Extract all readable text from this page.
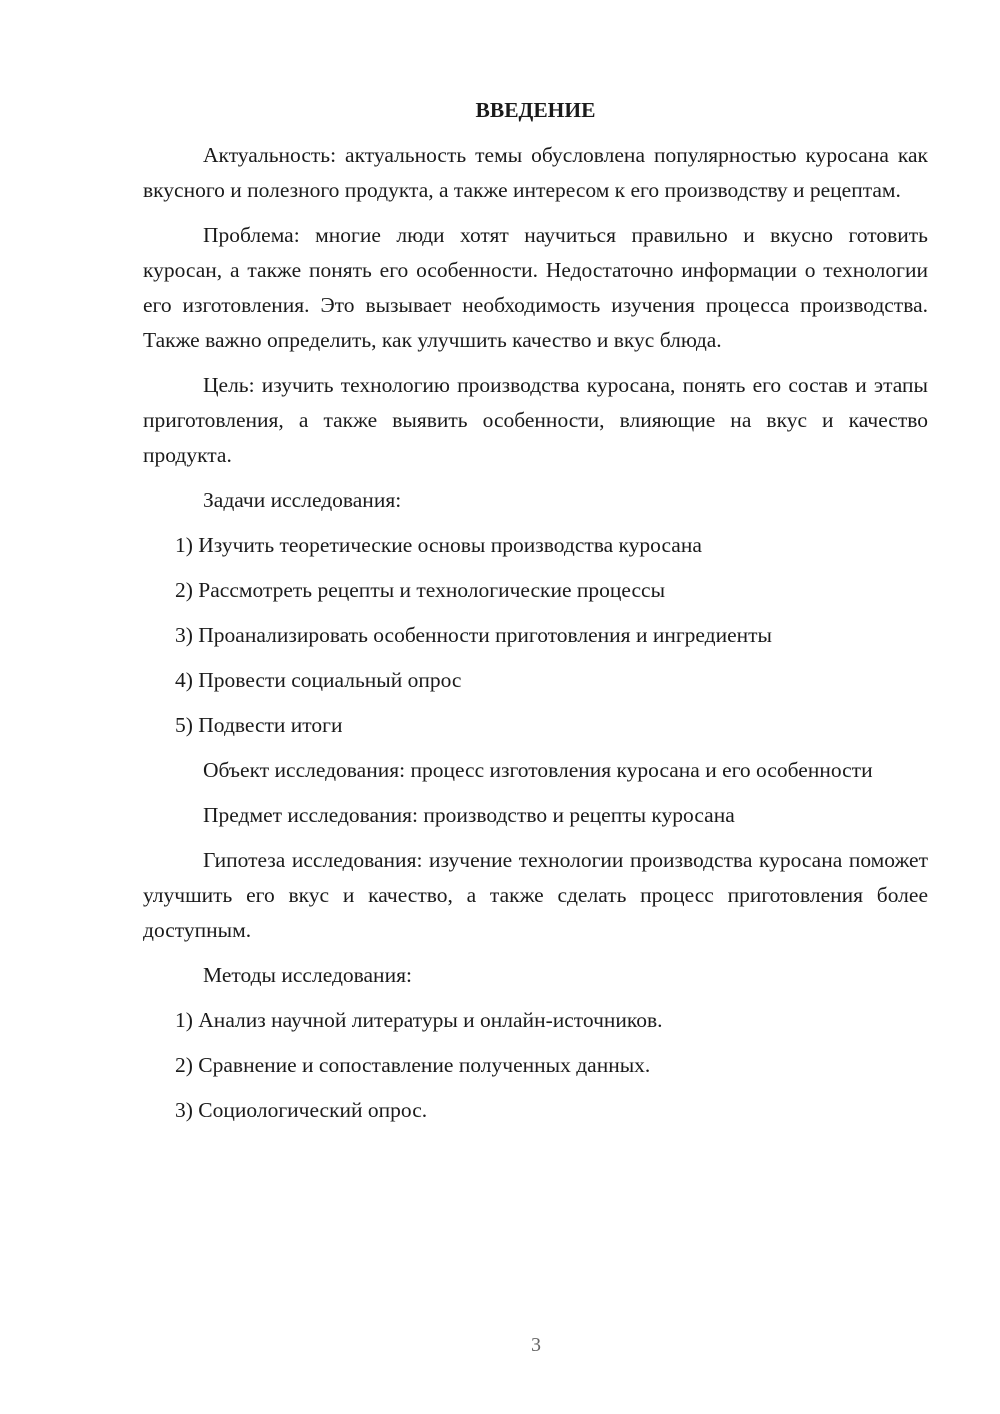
ВВЕДЕНИЕ

Актуальность: актуальность темы обусловлена популярностью куросана как вкусного и полезного продукта, а также интересом к его производству и рецептам.

Проблема: многие люди хотят научиться правильно и вкусно готовить куросан, а также понять его особенности. Недостаточно информации о технологии его изготовления. Это вызывает необходимость изучения процесса производства. Также важно определить, как улучшить качество и вкус блюда.

Цель: изучить технологию производства куросана, понять его состав и этапы приготовления, а также выявить особенности, влияющие на вкус и качество продукта.

Задачи исследования:

1) Изучить теоретические основы производства куросана

2) Рассмотреть рецепты и технологические процессы

3) Проанализировать особенности приготовления и ингредиенты

4) Провести социальный опрос

5) Подвести итоги

Объект исследования: процесс изготовления куросана и его особенности

Предмет исследования: производство и рецепты куросана

Гипотеза исследования: изучение технологии производства куросана поможет улучшить его вкус и качество, а также сделать процесс приготовления более доступным.

Методы исследования:

1) Анализ научной литературы и онлайн-источников.

2) Сравнение и сопоставление полученных данных.

3) Социологический опрос.

3
